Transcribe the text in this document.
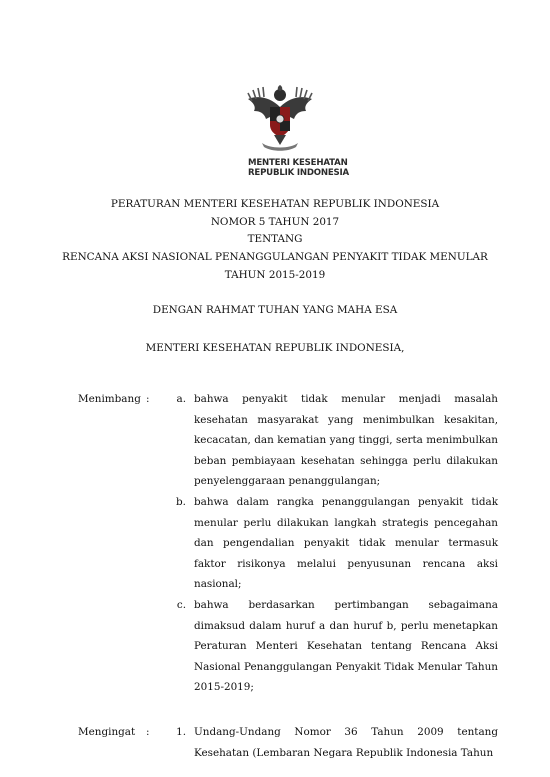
MENTERI KESEHATAN
REPUBLIK INDONESIA
PERATURAN MENTERI KESEHATAN REPUBLIK INDONESIA
NOMOR 5 TAHUN 2017
TENTANG
RENCANA AKSI NASIONAL PENANGGULANGAN PENYAKIT TIDAK MENULAR
TAHUN 2015-2019
DENGAN RAHMAT TUHAN YANG MAHA ESA
MENTERI KESEHATAN REPUBLIK INDONESIA,
Menimbang :	a. bahwa penyakit tidak menular menjadi masalah kesehatan masyarakat yang menimbulkan kesakitan, kecacatan, dan kematian yang tinggi, serta menimbulkan beban pembiayaan kesehatan sehingga perlu dilakukan penyelenggaraan penanggulangan;
b. bahwa dalam rangka penanggulangan penyakit tidak menular perlu dilakukan langkah strategis pencegahan dan pengendalian penyakit tidak menular termasuk faktor risikonya melalui penyusunan rencana aksi nasional;
c. bahwa berdasarkan pertimbangan sebagaimana dimaksud dalam huruf a dan huruf b, perlu menetapkan Peraturan Menteri Kesehatan tentang Rencana Aksi Nasional Penanggulangan Penyakit Tidak Menular Tahun 2015-2019;
Mengingat	:	1. Undang-Undang Nomor 36 Tahun 2009 tentang Kesehatan (Lembaran Negara Republik Indonesia Tahun
